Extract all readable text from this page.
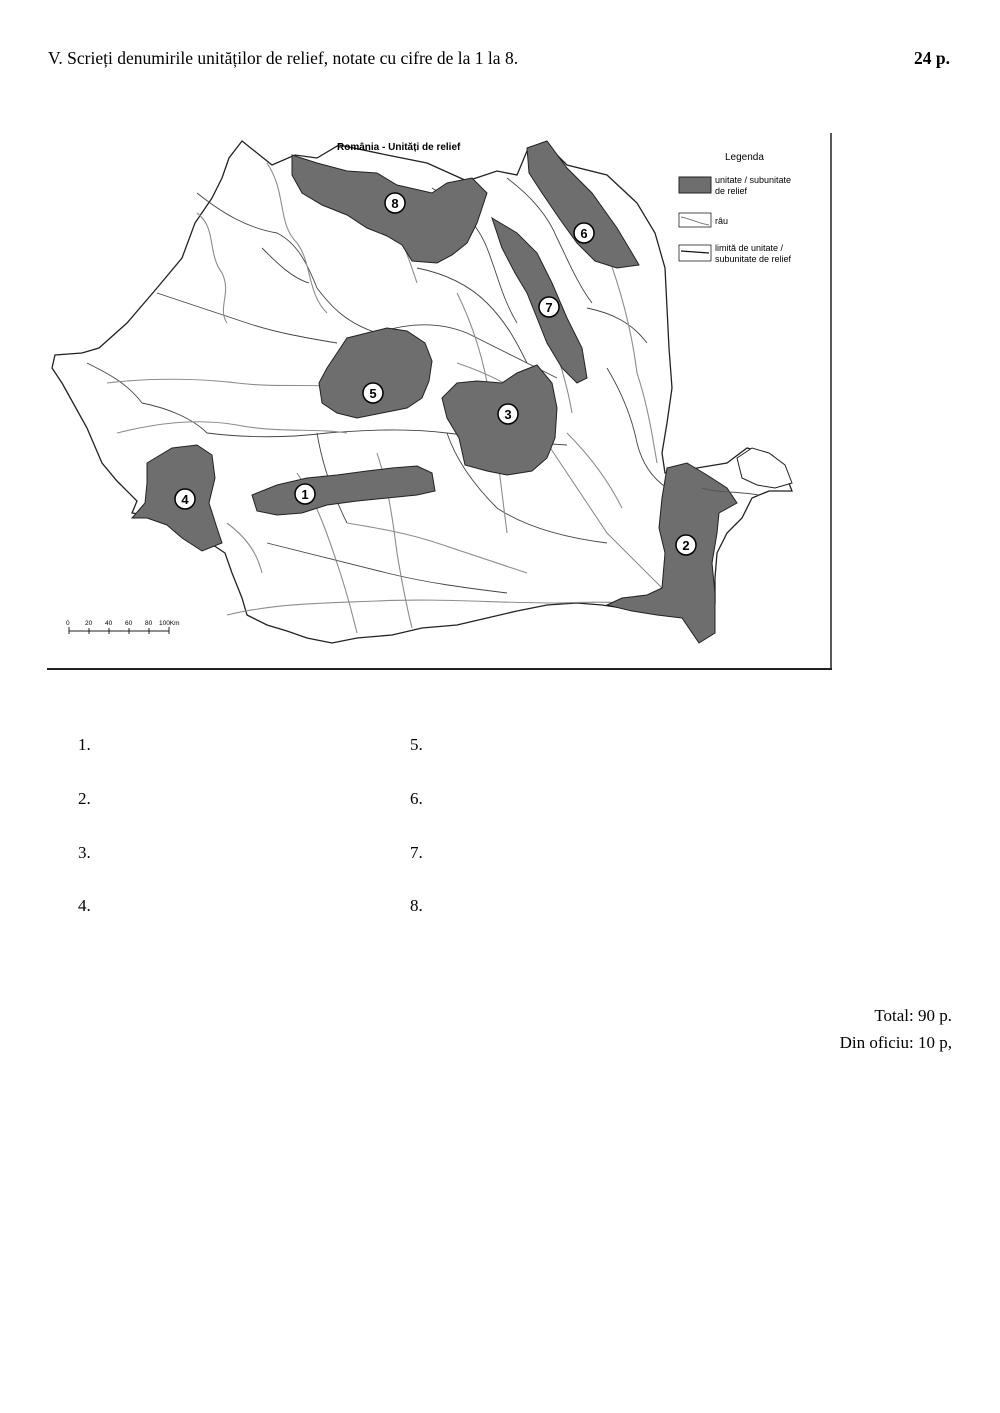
V. Scrieți denumirile unităților de relief, notate cu cifre de la 1 la 8.	24 p.
1
2
3
4
5
6
7
8
România - Unități de relief
Legenda
unitate / subunitate
de relief
râu
limită de unitate /
subunitate de relief
0 20 40 60 80 100Km
1.
2.
3.
4.
5.
6.
7.
8.
Total: 90 p.
Din oficiu: 10 p,
